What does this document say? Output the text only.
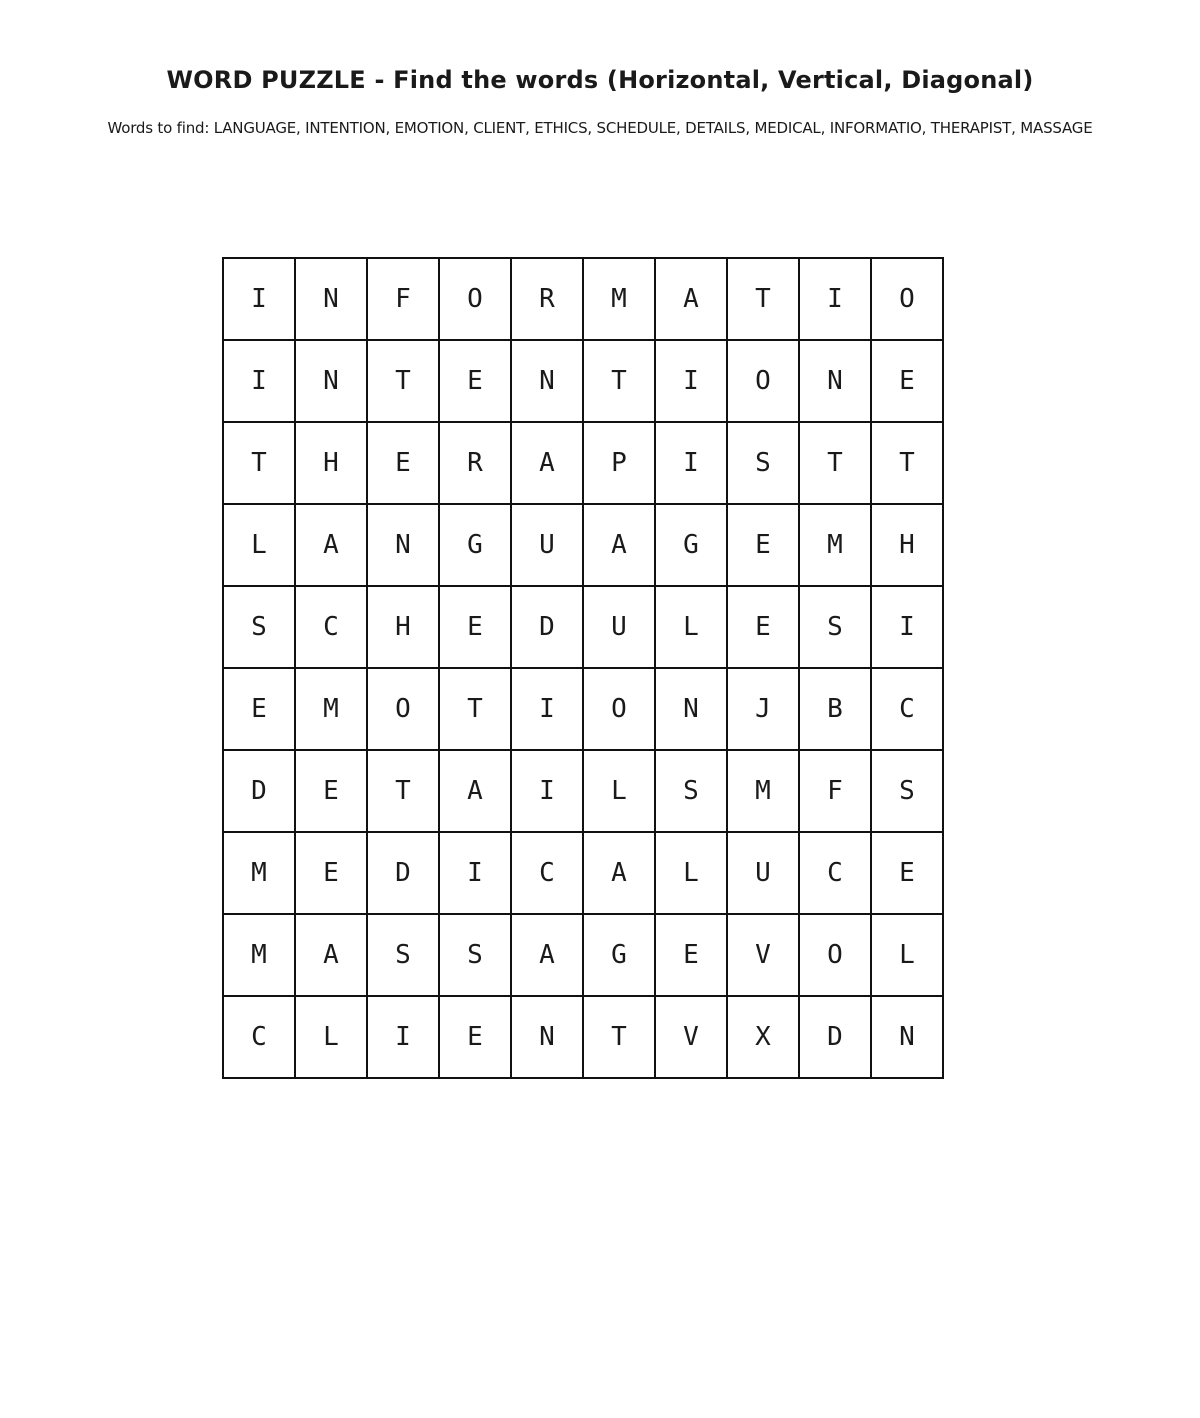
WORD PUZZLE - Find the words (Horizontal, Vertical, Diagonal)
Words to find: LANGUAGE, INTENTION, EMOTION, CLIENT, ETHICS, SCHEDULE, DETAILS, MEDICAL, INFORMATIO, THERAPIST, MASSAGE
I	N	F	O	R	M	A	T	I	O
I	N	T	E	N	T	I	O	N	E
T	H	E	R	A	P	I	S	T	T
L	A	N	G	U	A	G	E	M	H
S	C	H	E	D	U	L	E	S	I
E	M	O	T	I	O	N	J	B	C
D	E	T	A	I	L	S	M	F	S
M	E	D	I	C	A	L	U	C	E
M	A	S	S	A	G	E	V	O	L
C	L	I	E	N	T	V	X	D	N
